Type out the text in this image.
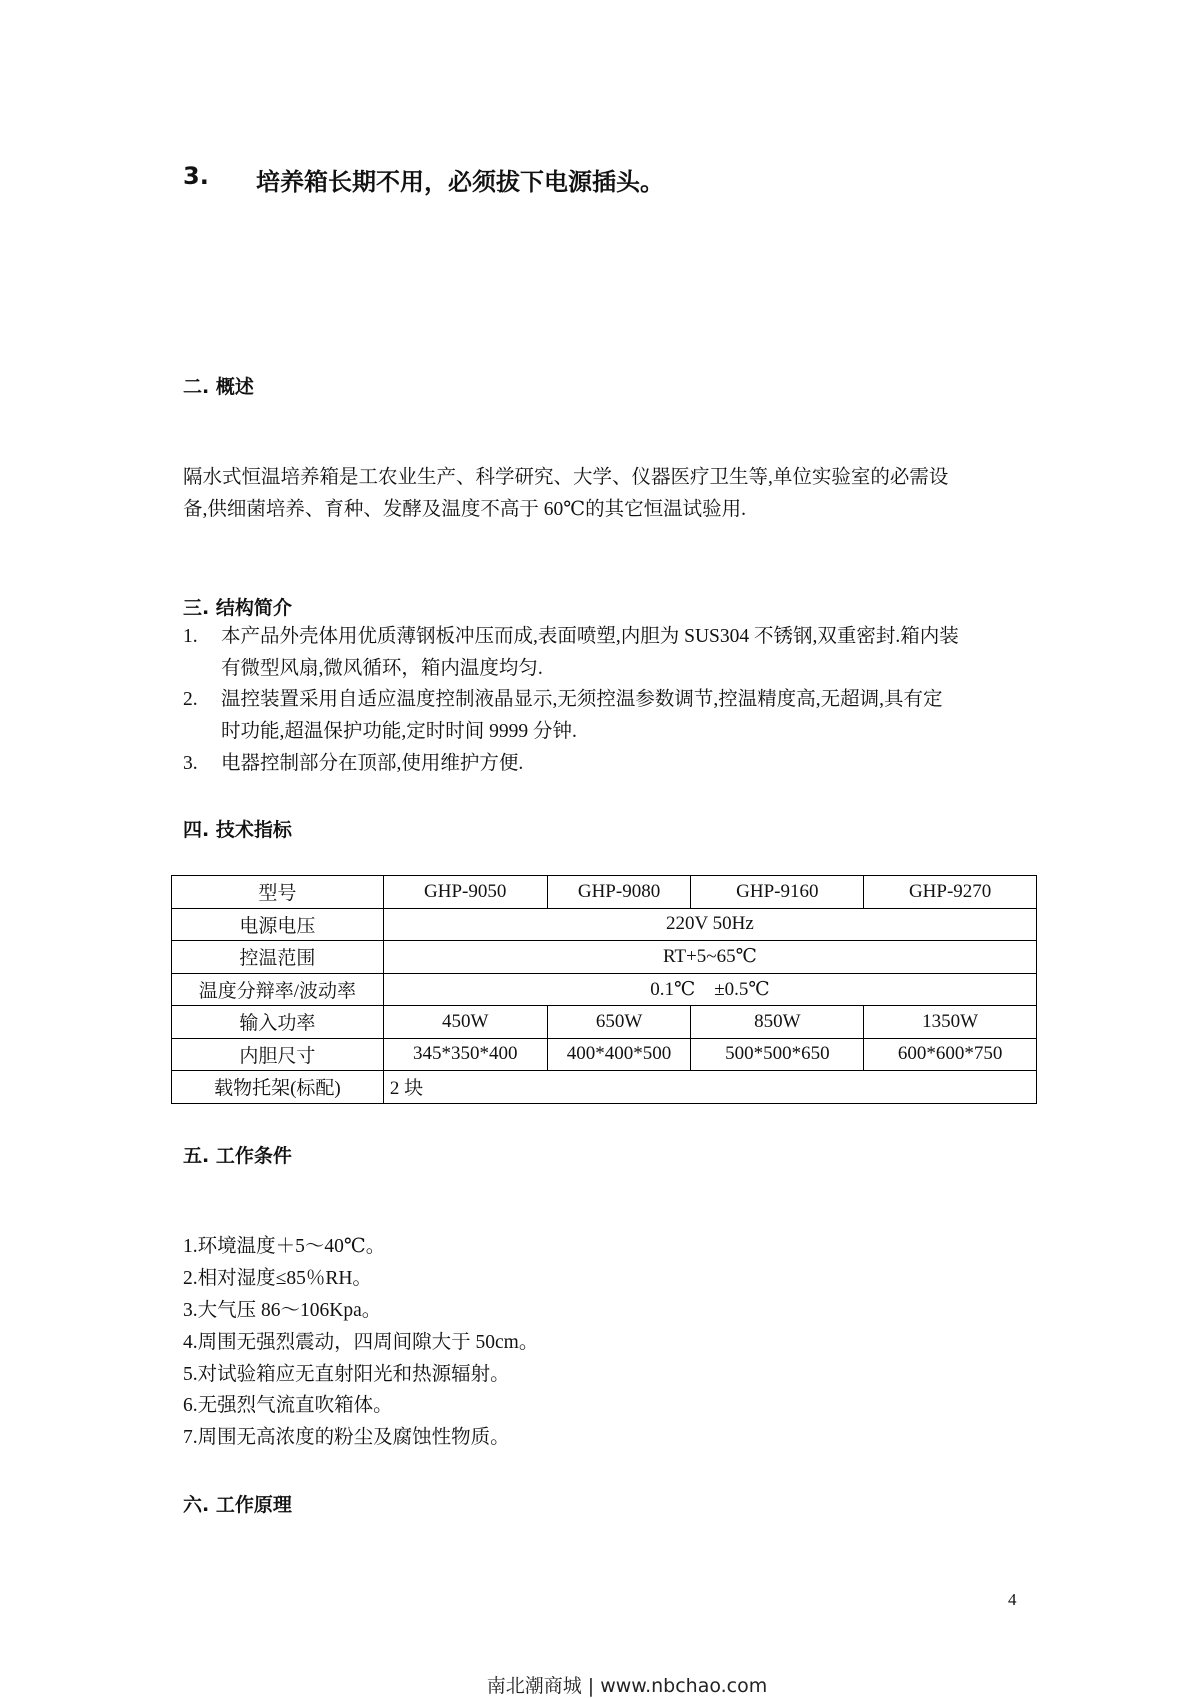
3. 培养箱长期不用，必须拔下电源插头。
二. 概述
隔水式恒温培养箱是工农业生产、科学研究、大学、仪器医疗卫生等,单位实验室的必需设
备,供细菌培养、育种、发酵及温度不高于 60℃的其它恒温试验用.
三. 结构简介
1. 本产品外壳体用优质薄钢板冲压而成,表面喷塑,内胆为 SUS304 不锈钢,双重密封.箱内装
有微型风扇,微风循环，箱内温度均匀.
2. 温控装置采用自适应温度控制液晶显示,无须控温参数调节,控温精度高,无超调,具有定
时功能,超温保护功能,定时时间 9999 分钟.
3. 电器控制部分在顶部,使用维护方便.
四. 技术指标
型号	GHP-9050	GHP-9080	GHP-9160	GHP-9270
电源电压	220V 50Hz			
控温范围	RT+5~65℃			
温度分辩率/波动率	0.1℃    ±0.5℃			
输入功率	450W	650W	850W	1350W
内胆尺寸	345*350*400	400*400*500	500*500*650	600*600*750
载物托架(标配)	2 块			
五. 工作条件
1.环境温度＋5～40℃。
2.相对湿度≤85％RH。
3.大气压 86～106Kpa。
4.周围无强烈震动，四周间隙大于 50cm。
5.对试验箱应无直射阳光和热源辐射。
6.无强烈气流直吹箱体。
7.周围无高浓度的粉尘及腐蚀性物质。
六. 工作原理
4
南北潮商城 | www.nbchao.com
